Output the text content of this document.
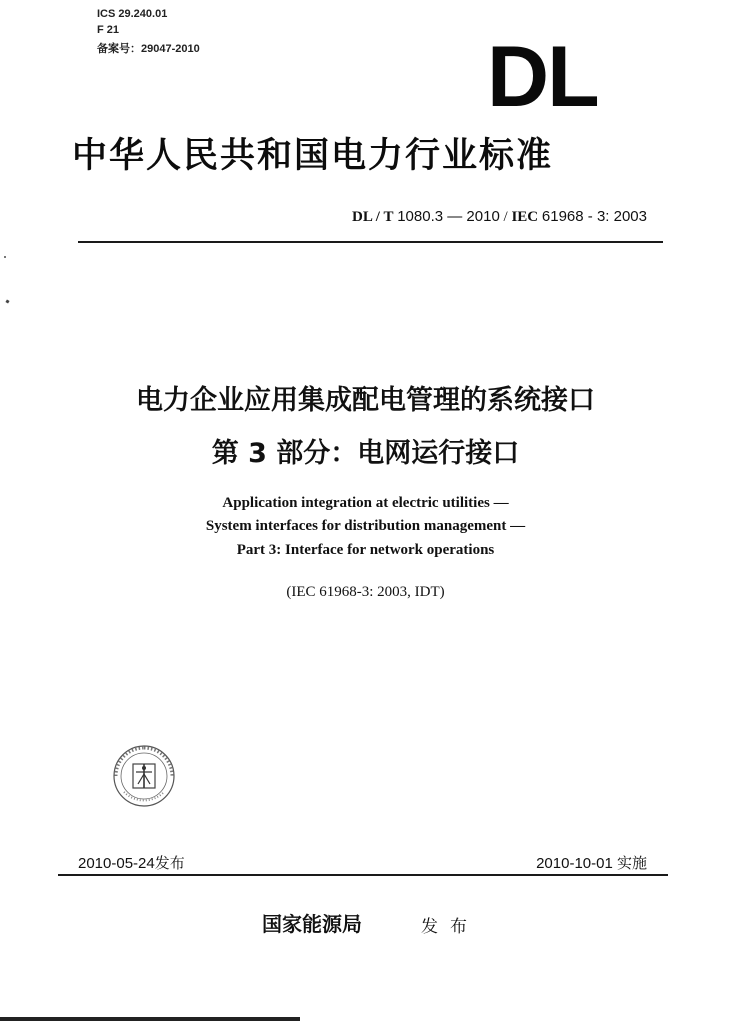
ICS 29.240.01
F 21
备案号：29047-2010	DL
中华人民共和国电力行业标准
DL / T 1080.3 — 2010 / IEC 61968 - 3: 2003
电力企业应用集成配电管理的系统接口
第 3 部分：电网运行接口
Application integration at electric utilities —
System interfaces for distribution management —
Part 3: Interface for network operations
(IEC 61968-3: 2003, IDT)
2010-05-24发布	2010-10-01 实施
国家能源局	发布
